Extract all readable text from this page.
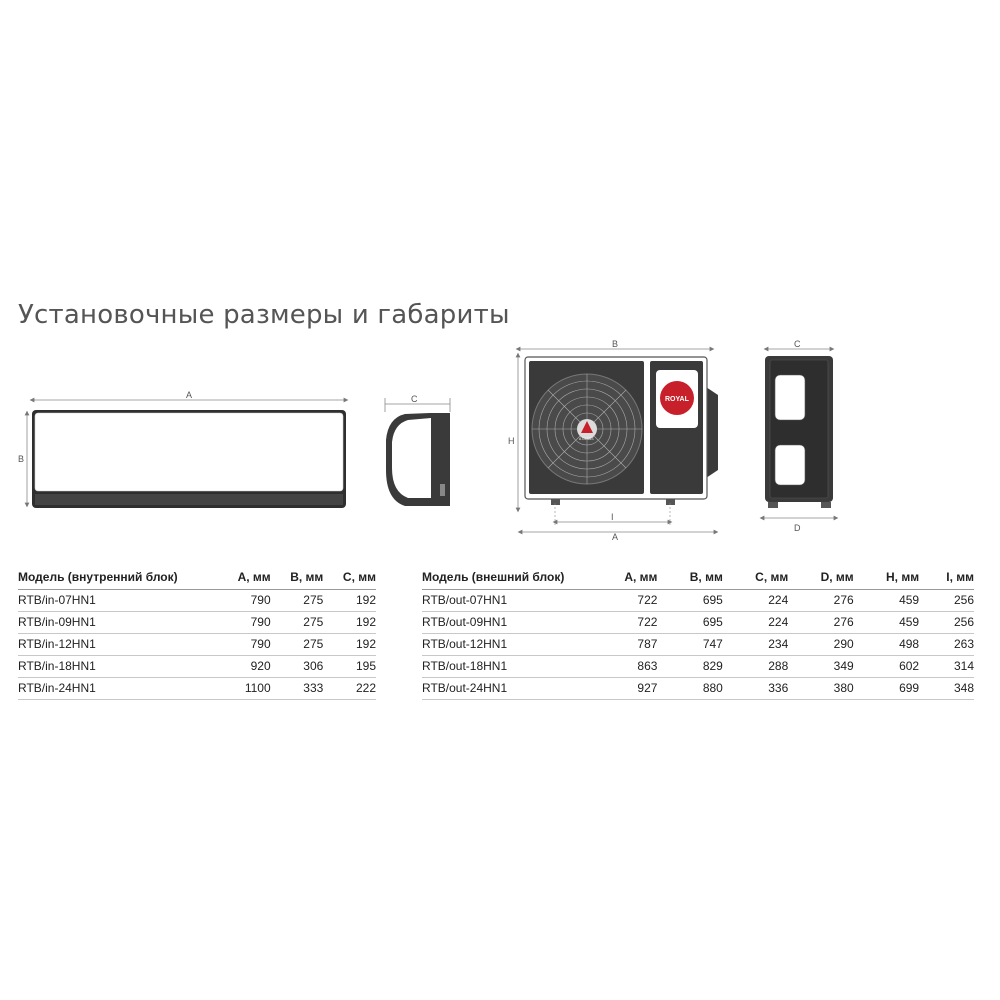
Установочные размеры и габариты
A
B
C
B
H	A CLASS
ROYAL
I
A
C
D
Модель (внутренний блок)	A, мм	B, мм	C, мм
RTB/in-07HN1	790	275	192
RTB/in-09HN1	790	275	192
RTB/in-12HN1	790	275	192
RTB/in-18HN1	920	306	195
RTB/in-24HN1	1100	333	222
Модель (внешний блок)	A, мм	B, мм	C, мм	D, мм	H, мм	I, мм
RTB/out-07HN1	722	695	224	276	459	256
RTB/out-09HN1	722	695	224	276	459	256
RTB/out-12HN1	787	747	234	290	498	263
RTB/out-18HN1	863	829	288	349	602	314
RTB/out-24HN1	927	880	336	380	699	348
